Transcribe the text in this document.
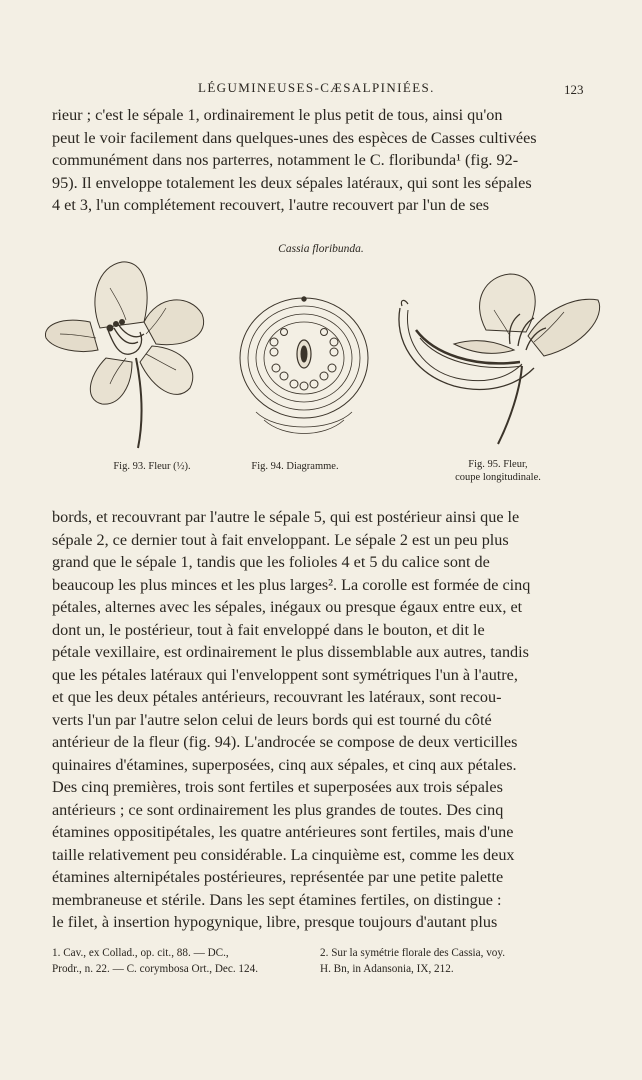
LÉGUMINEUSES-CÆSALPINIÉES.	123

rieur ; c'est le sépale 1, ordinairement le plus petit de tous, ainsi qu'on

peut le voir facilement dans quelques-unes des espèces de Casses cultivées

communément dans nos parterres, notamment le C. floribunda¹ (fig. 92-

95). Il enveloppe totalement les deux sépales latéraux, qui sont les sépales

4 et 3, l'un complétement recouvert, l'autre recouvert par l'un de ses

Cassia floribunda.
Fig. 93. Fleur (½).	Fig. 94. Diagramme.	Fig. 95. Fleur,
coupe longitudinale.

bords, et recouvrant par l'autre le sépale 5, qui est postérieur ainsi que le

sépale 2, ce dernier tout à fait enveloppant. Le sépale 2 est un peu plus

grand que le sépale 1, tandis que les folioles 4 et 5 du calice sont de

beaucoup les plus minces et les plus larges². La corolle est formée de cinq

pétales, alternes avec les sépales, inégaux ou presque égaux entre eux, et

dont un, le postérieur, tout à fait enveloppé dans le bouton, et dit le

pétale vexillaire, est ordinairement le plus dissemblable aux autres, tandis

que les pétales latéraux qui l'enveloppent sont symétriques l'un à l'autre,

et que les deux pétales antérieurs, recouvrant les latéraux, sont recou-

verts l'un par l'autre selon celui de leurs bords qui est tourné du côté

antérieur de la fleur (fig. 94). L'androcée se compose de deux verticilles

quinaires d'étamines, superposées, cinq aux sépales, et cinq aux pétales.

Des cinq premières, trois sont fertiles et superposées aux trois sépales

antérieurs ; ce sont ordinairement les plus grandes de toutes. Des cinq

étamines oppositipétales, les quatre antérieures sont fertiles, mais d'une

taille relativement peu considérable. La cinquième est, comme les deux

étamines alternipétales postérieures, représentée par une petite palette

membraneuse et stérile. Dans les sept étamines fertiles, on distingue :

le filet, à insertion hypogynique, libre, presque toujours d'autant plus

1. Cav., ex Collad., op. cit., 88. — DC.,

Prodr., n. 22. — C. corymbosa Ort., Dec. 124.

2. Sur la symétrie florale des Cassia, voy.

H. Bn, in Adansonia, IX, 212.
